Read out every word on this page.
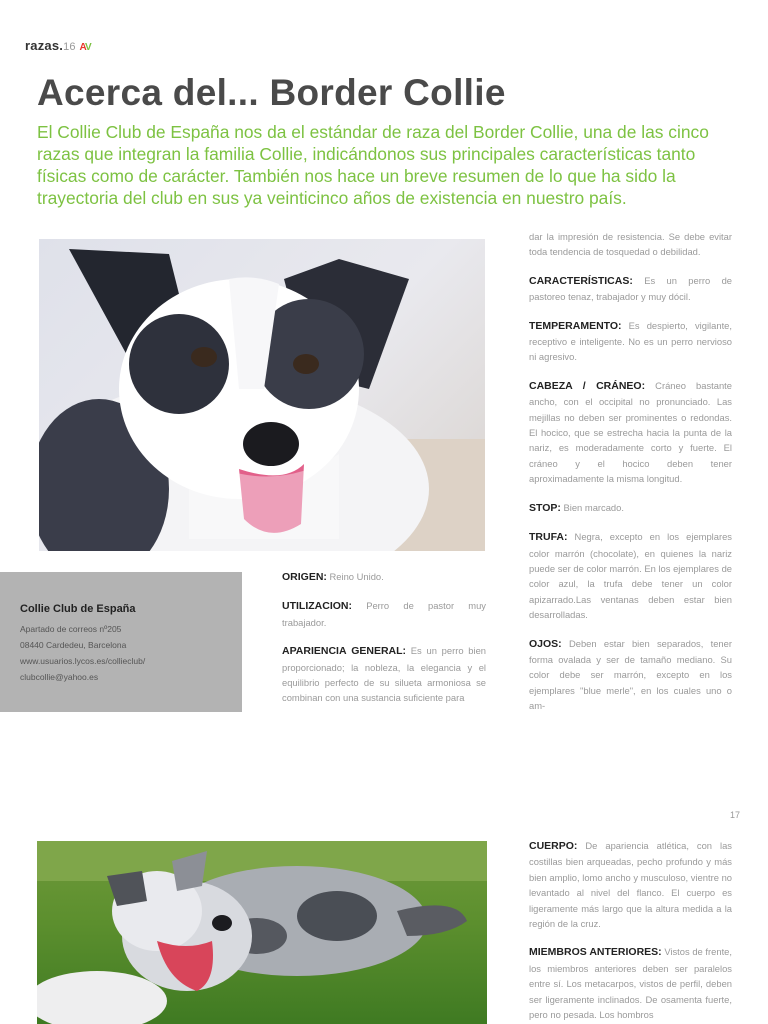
razas.16 AV
Acerca del... Border Collie

El Collie Club de España nos da el estándar de raza del Border Collie, una de las cinco razas que integran la familia Collie, indicándonos sus principales características tanto físicas como de carácter. También nos hace un breve resumen de lo que ha sido la trayectoria del club en sus ya veinticinco años de existencia en nuestro país.

Collie Club de España
Apartado de correos nº205
08440 Cardedeu, Barcelona
www.usuarios.lycos.es/collieclub/
clubcollie@yahoo.es

ORIGEN: Reino Unido.

UTILIZACION: Perro de pastor muy trabajador.

APARIENCIA GENERAL: Es un perro bien proporcionado; la nobleza, la elegancia y el equilibrio perfecto de su silueta armoniosa se combinan con una sustancia suficiente para

dar la impresión de resistencia. Se debe evitar toda tendencia de tosquedad o debilidad.

CARACTERÍSTICAS: Es un perro de pastoreo tenaz, trabajador y muy dócil.

TEMPERAMENTO: Es despierto, vigilante, receptivo e inteligente. No es un perro nervioso ni agresivo.

CABEZA / CRÁNEO: Cráneo bastante ancho, con el occipital no pronunciado. Las mejillas no deben ser prominentes o redondas. El hocico, que se estrecha hacia la punta de la nariz, es moderadamente corto y fuerte. El cráneo y el hocico deben tener aproximadamente la misma longitud.

STOP: Bien marcado.

TRUFA: Negra, excepto en los ejemplares color marrón (chocolate), en quienes la nariz puede ser de color marrón. En los ejemplares de color azul, la trufa debe tener un color apizarrado.Las ventanas deben estar bien desarrolladas.

OJOS: Deben estar bien separados, tener forma ovalada y ser de tamaño mediano. Su color debe ser marrón, excepto en los ejemplares "blue merle", en los cuales uno o am-

17

CUERPO: De apariencia atlética, con las costillas bien arqueadas, pecho profundo y más bien amplio, lomo ancho y musculoso, vientre no levantado al nivel del flanco. El cuerpo es ligeramente más largo que la altura medida a la región de la cruz.

MIEMBROS ANTERIORES: Vistos de frente, los miembros anteriores deben ser paralelos entre sí. Los metacarpos, vistos de perfil, deben ser ligeramente inclinados. De osamenta fuerte, pero no pesada. Los hombros
